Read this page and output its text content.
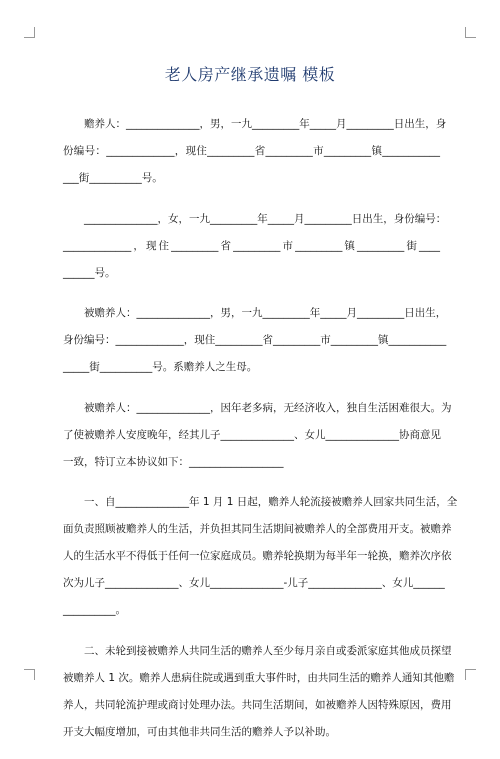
老人房产继承遗嘱 模板
　　赡养人：______________，男，一九_________年_____月_________日出生，身
份编号：_____________，现住_________省_________市_________镇___________
___街__________号。
　　______________，女，一九_________年_____月_________日出生，身份编号：
_____________，现住_________省_________市_________镇_________街____
______号。
　　被赡养人：______________，男，一九_________年_____月_________日出生，
身份编号：_____________，现住_________省_________市_________镇___________
_____街__________号。系赡养人之生母。
　　被赡养人：______________，因年老多病，无经济收入，独自生活困难很大。为
了使被赡养人安度晚年，经其儿子______________、女儿______________协商意见
一致，特订立本协议如下：__________________
　　一、自______________年 1 月 1 日起，赡养人轮流接被赡养人回家共同生活，全
面负责照顾被赡养人的生活，并负担其同生活期间被赡养人的全部费用开支。被赡养
人的生活水平不得低于任何一位家庭成员。赡养轮换期为每半年一轮换，赡养次序依
次为儿子______________、女儿______________-儿子______________、女儿______
__________。
　　二、未轮到接被赡养人共同生活的赡养人至少每月亲自或委派家庭其他成员探望
被赡养人 1 次。赡养人患病住院或遇到重大事件时，由共同生活的赡养人通知其他赡
养人，共同轮流护理或商讨处理办法。共同生活期间，如被赡养人因特殊原因，费用
开支大幅度增加，可由其他非共同生活的赡养人予以补助。
